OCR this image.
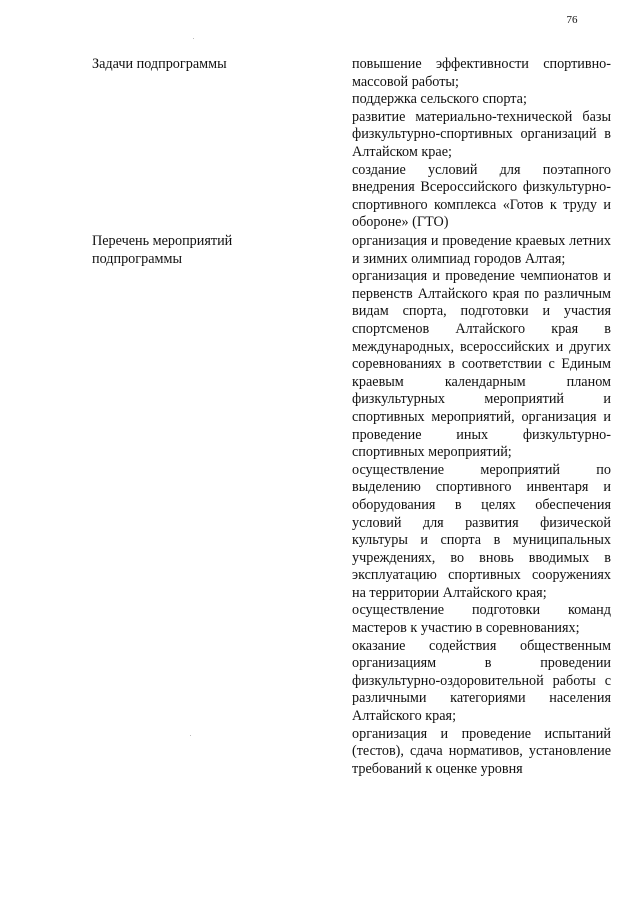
76
Задачи подпрограммы	повышение эффективности спортивно-массовой работы;

поддержка сельского спорта;

развитие материально-технической базы физкультурно-спортивных организаций в Алтайском крае;

создание условий для поэтапного внедрения Всероссийского физкультурно-спортивного комплекса «Готов к труду и обороне» (ГТО)

Перечень мероприятий подпрограммы

организация и проведение краевых летних и зимних олимпиад городов Алтая;

организация и проведение чемпионатов и первенств Алтайского края по различным видам спорта, подготовки и участия спортсменов Алтайского края в международных, всероссийских и других соревнованиях в соответствии с Единым краевым календарным планом физкультурных мероприятий и спортивных мероприятий, организация и проведение иных физкультурно-спортивных мероприятий;

осуществление мероприятий по выделению спортивного инвентаря и оборудования в целях обеспечения условий для развития физической культуры и спорта в муниципальных учреждениях, во вновь вводимых в эксплуатацию спортивных сооружениях на территории Алтайского края;

осуществление подготовки команд мастеров к участию в соревнованиях;

оказание содействия общественным организациям в проведении физкультурно-оздоровительной работы с различными категориями населения Алтайского края;

организация и проведение испытаний (тестов), сдача нормативов, установление требований к оценке уровня
